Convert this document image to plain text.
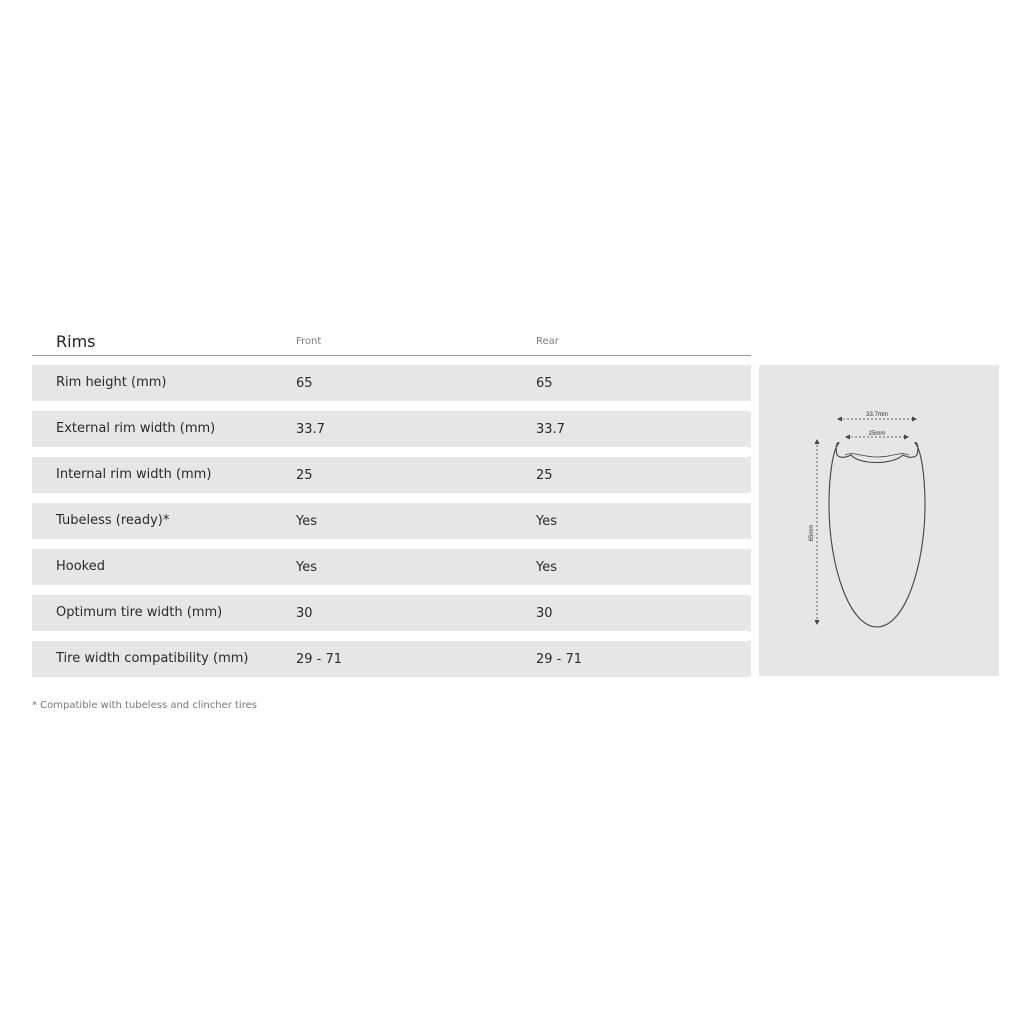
Rims	Front	Rear
Rim height (mm)	65	65
External rim width (mm)	33.7	33.7
Internal rim width (mm)	25	25
Tubeless (ready)*	Yes	Yes
Hooked	Yes	Yes
Optimum tire width (mm)	30	30
Tire width compatibility (mm)	29 - 71	29 - 71
33.7mm
25mm
65mm
* Compatible with tubeless and clincher tires
